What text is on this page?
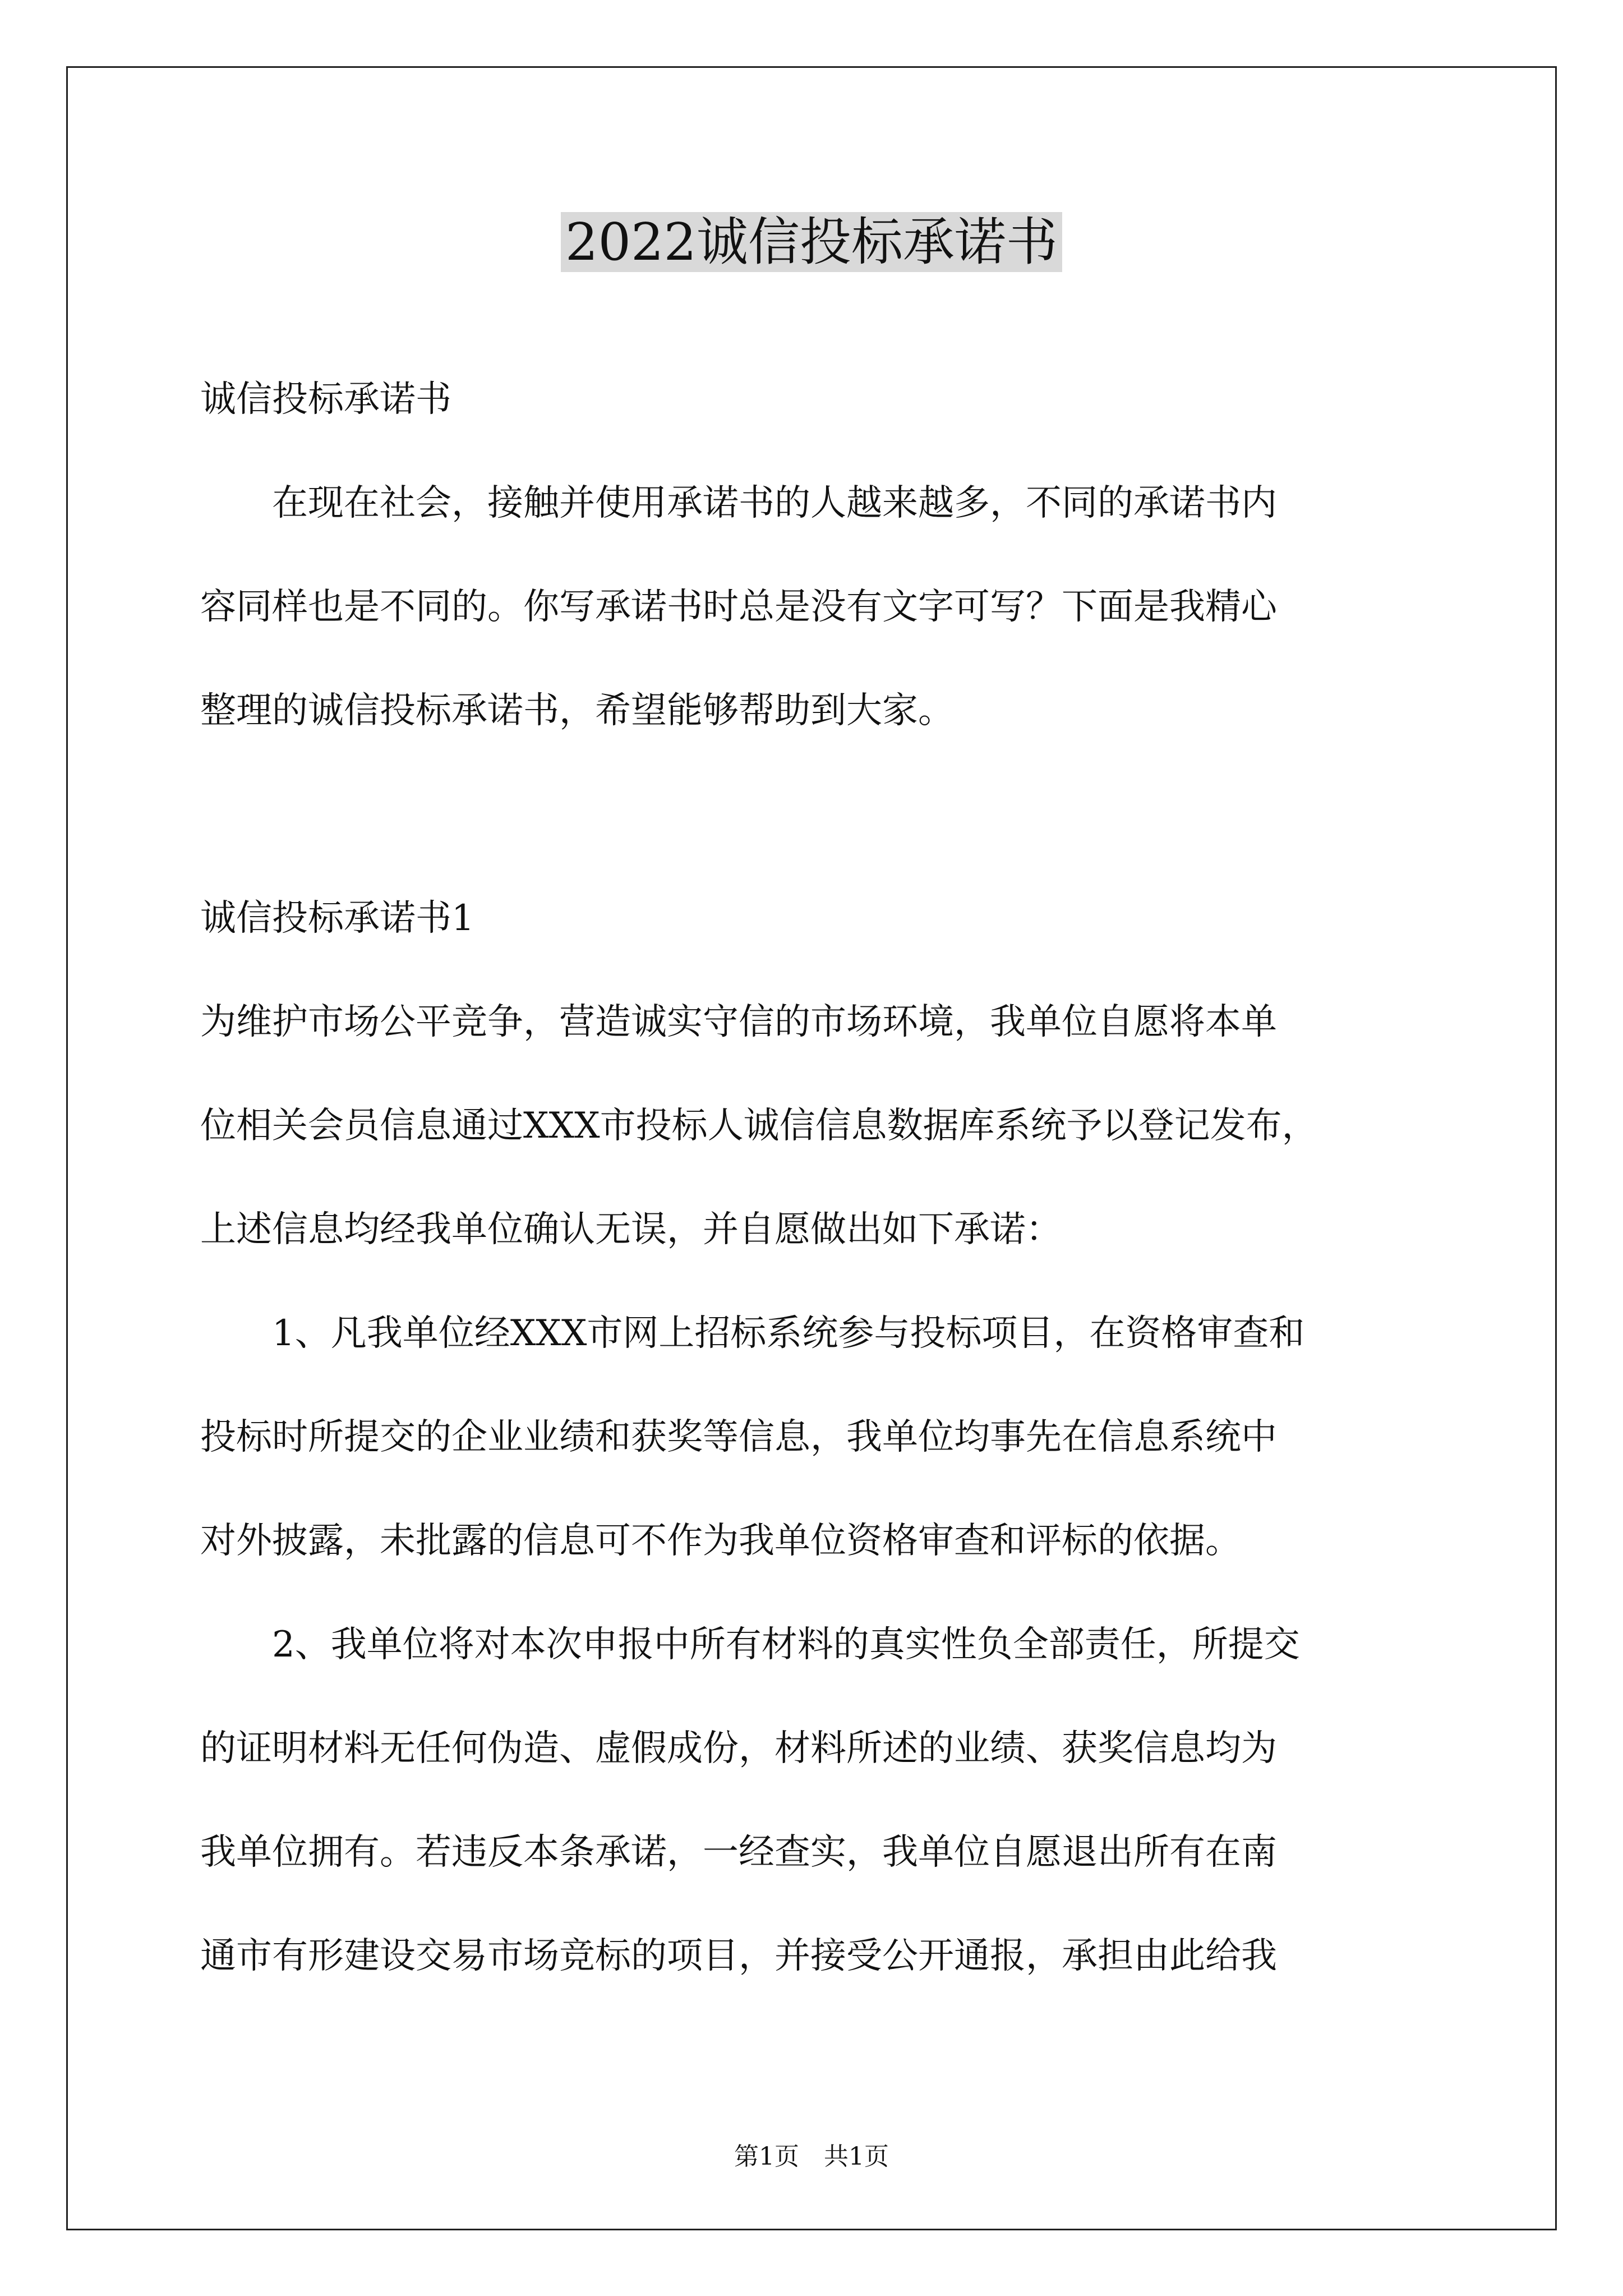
2022诚信投标承诺书
诚信投标承诺书
在现在社会，接触并使用承诺书的人越来越多，不同的承诺书内
容同样也是不同的。你写承诺书时总是没有文字可写？下面是我精心
整理的诚信投标承诺书，希望能够帮助到大家。
诚信投标承诺书1
为维护市场公平竞争，营造诚实守信的市场环境，我单位自愿将本单
位相关会员信息通过XXX市投标人诚信信息数据库系统予以登记发布，
上述信息均经我单位确认无误，并自愿做出如下承诺：
1、凡我单位经XXX市网上招标系统参与投标项目，在资格审查和
投标时所提交的企业业绩和获奖等信息，我单位均事先在信息系统中
对外披露，未批露的信息可不作为我单位资格审查和评标的依据。
2、我单位将对本次申报中所有材料的真实性负全部责任，所提交
的证明材料无任何伪造、虚假成份，材料所述的业绩、获奖信息均为
我单位拥有。若违反本条承诺，一经查实，我单位自愿退出所有在南
通市有形建设交易市场竞标的项目，并接受公开通报，承担由此给我
第1页　共1页
